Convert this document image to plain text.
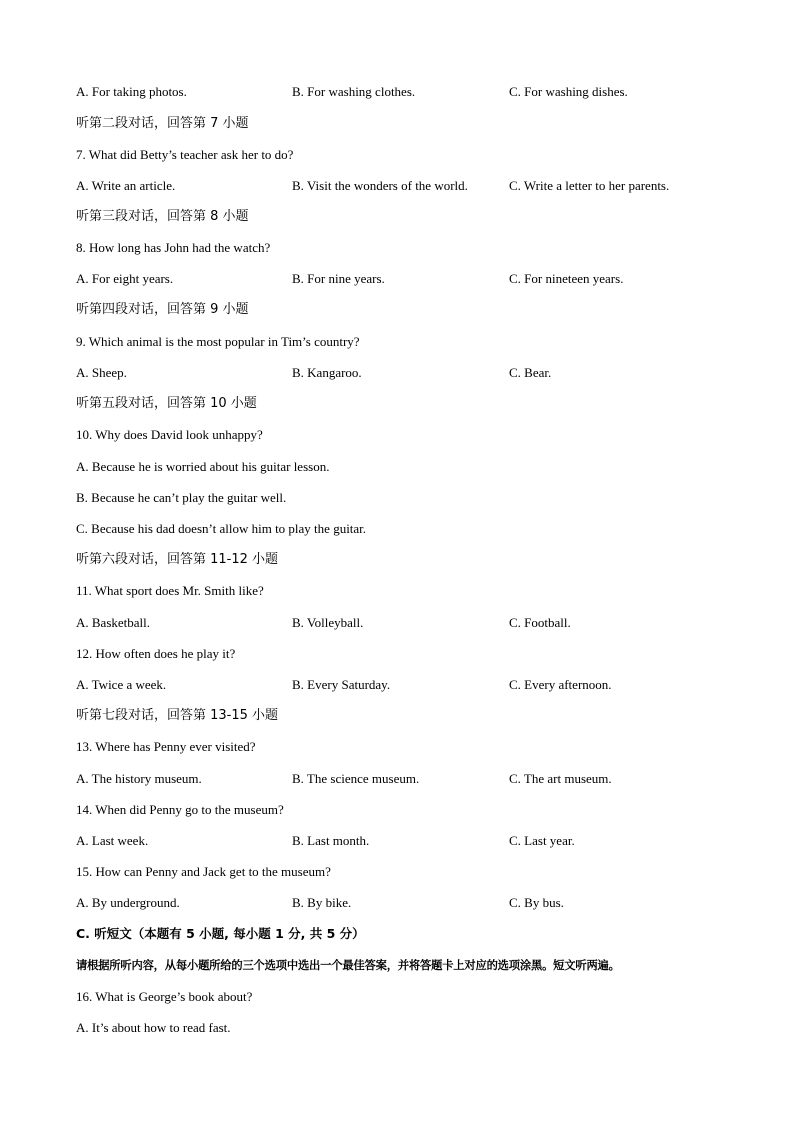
A. For taking photos.	B. For washing clothes.	C. For washing dishes.
听第二段对话，回答第 7 小题
7. What did Betty’s teacher ask her to do?
A. Write an article.	B. Visit the wonders of the world.	C. Write a letter to her parents.
听第三段对话，回答第 8 小题
8. How long has John had the watch?
A. For eight years.	B. For nine years.	C. For nineteen years.
听第四段对话，回答第 9 小题
9. Which animal is the most popular in Tim’s country?
A. Sheep.	B. Kangaroo.	C. Bear.
听第五段对话，回答第 10 小题
10. Why does David look unhappy?
A. Because he is worried about his guitar lesson.
B. Because he can’t play the guitar well.
C. Because his dad doesn’t allow him to play the guitar.
听第六段对话，回答第 11-12 小题
11. What sport does Mr. Smith like?
A. Basketball.	B. Volleyball.	C. Football.
12. How often does he play it?
A. Twice a week.	B. Every Saturday.	C. Every afternoon.
听第七段对话，回答第 13-15 小题
13. Where has Penny ever visited?
A. The history museum.	B. The science museum.	C. The art museum.
14. When did Penny go to the museum?
A. Last week.	B. Last month.	C. Last year.
15. How can Penny and Jack get to the museum?
A. By underground.	B. By bike.	C. By bus.
C. 听短文（本题有 5 小题, 每小题 1 分, 共 5 分）
请根据所听内容，从每小题所给的三个选项中选出一个最佳答案，并将答题卡上对应的选项涂黑。短文听两遍。
16. What is George’s book about?
A. It’s about how to read fast.
